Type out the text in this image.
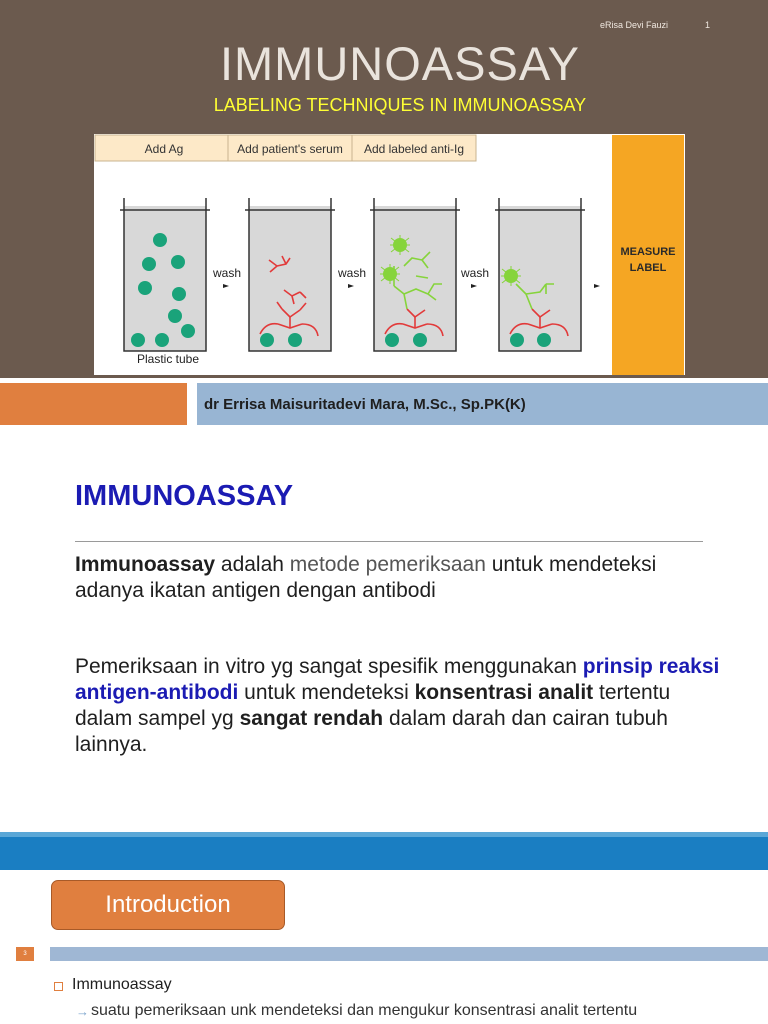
eRisa Devi Fauzi	1
IMMUNOASSAY
LABELING TECHNIQUES IN IMMUNOASSAY
Add Ag	Add patient's serum Add labeled anti-Ig
Plastic tube
wash	wash	wash
MEASURE
LABEL
dr Errisa Maisuritadevi Mara, M.Sc., Sp.PK(K)
IMMUNOASSAY
Immunoassay adalah metode pemeriksaan untuk mendeteksi adanya ikatan antigen dengan antibodi
Pemeriksaan in vitro yg sangat spesifik menggunakan prinsip reaksi antigen-antibodi untuk mendeteksi konsentrasi analit tertentu dalam sampel yg sangat rendah dalam darah dan cairan tubuh lainnya.
Introduction
3
Immunoassay
→ suatu pemeriksaan unk mendeteksi dan mengukur konsentrasi analit tertentu
